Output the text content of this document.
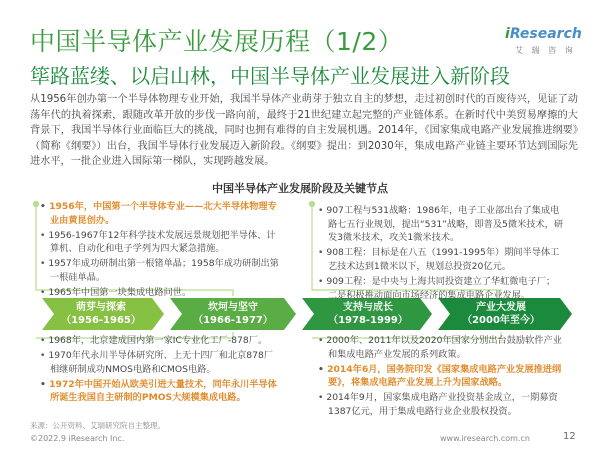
中国半导体产业发展历程（1/2）
筚路蓝缕、以启山林，中国半导体产业发展进入新阶段
iResearch
艾 瑞 咨 询
从1956年创办第一个半导体物理专业开始，我国半导体产业萌芽于独立自主的梦想，走过初创时代的百废待兴，见证了动荡年代的执着探索，跟随改革开放的步伐一路向前，最终于21世纪建立起完整的产业链体系。在新时代中美贸易摩擦的大背景下，我国半导体行业面临巨大的挑战，同时也拥有难得的自主发展机遇。2014年，《国家集成电路产业发展推进纲要》（简称《纲要》）出台，我国半导体行业发展迈入新阶段。《纲要》提出：到2030年，集成电路产业链主要环节达到国际先进水平，一批企业进入国际第一梯队，实现跨越发展。
中国半导体产业发展阶段及关键节点

• 1956年，中国第一个半导体专业——北大半导体物理专业由黄昆创办。

• 1956-1967年12年科学技术发展远景规划把半导体、计算机、自动化和电子学列为四大紧急措施。

• 1957年成功研制出第一根锗单晶；1958年成功研制出第一根硅单晶。

• 1965年中国第一块集成电路问世。

• 907工程与531战略：1986年，电子工业部出台了集成电路七五行业规划，提出“531”战略，即普及5微米技术，研发3微米技术，攻关1微米技术。

• 908工程：目标是在八五（1991-1995年）期间半导体工艺技术达到1微米以下，规划总投资20亿元。

• 909工程：是中央与上海共同投资建立了华虹微电子厂；二是积极推动面向市场经济的集成电路企业发展。

萌芽与探索
（1956-1965）
坎坷与坚守
（1966-1977）
支持与成长
（1978-1999）
产业大发展
（2000年至今）

• 1968年，北京建成国内第一家IC专业化工厂-878厂。

• 1970年代永川半导体研究所、上无十四厂和北京878厂相继研制成功NMOS电路和CMOS电路。

• 1972年中国开始从欧美引进大量技术，同年永川半导体所诞生我国自主研制的PMOS大规模集成电路。

• 2000年、2011年以及2020年国家分别出台鼓励软件产业和集成电路产业发展的系列政策。

• 2014年6月，国务院印发《国家集成电路产业发展推进纲要》，将集成电路产业发展上升为国家战略。

• 2014年9月，国家集成电路产业投资基金成立，一期募资1387亿元，用于集成电路行业企业股权投资。

来源：公开资料、艾瑞研究院自主整理。
©2022.9 iResearch Inc.	www.iresearch.com.cn	12
